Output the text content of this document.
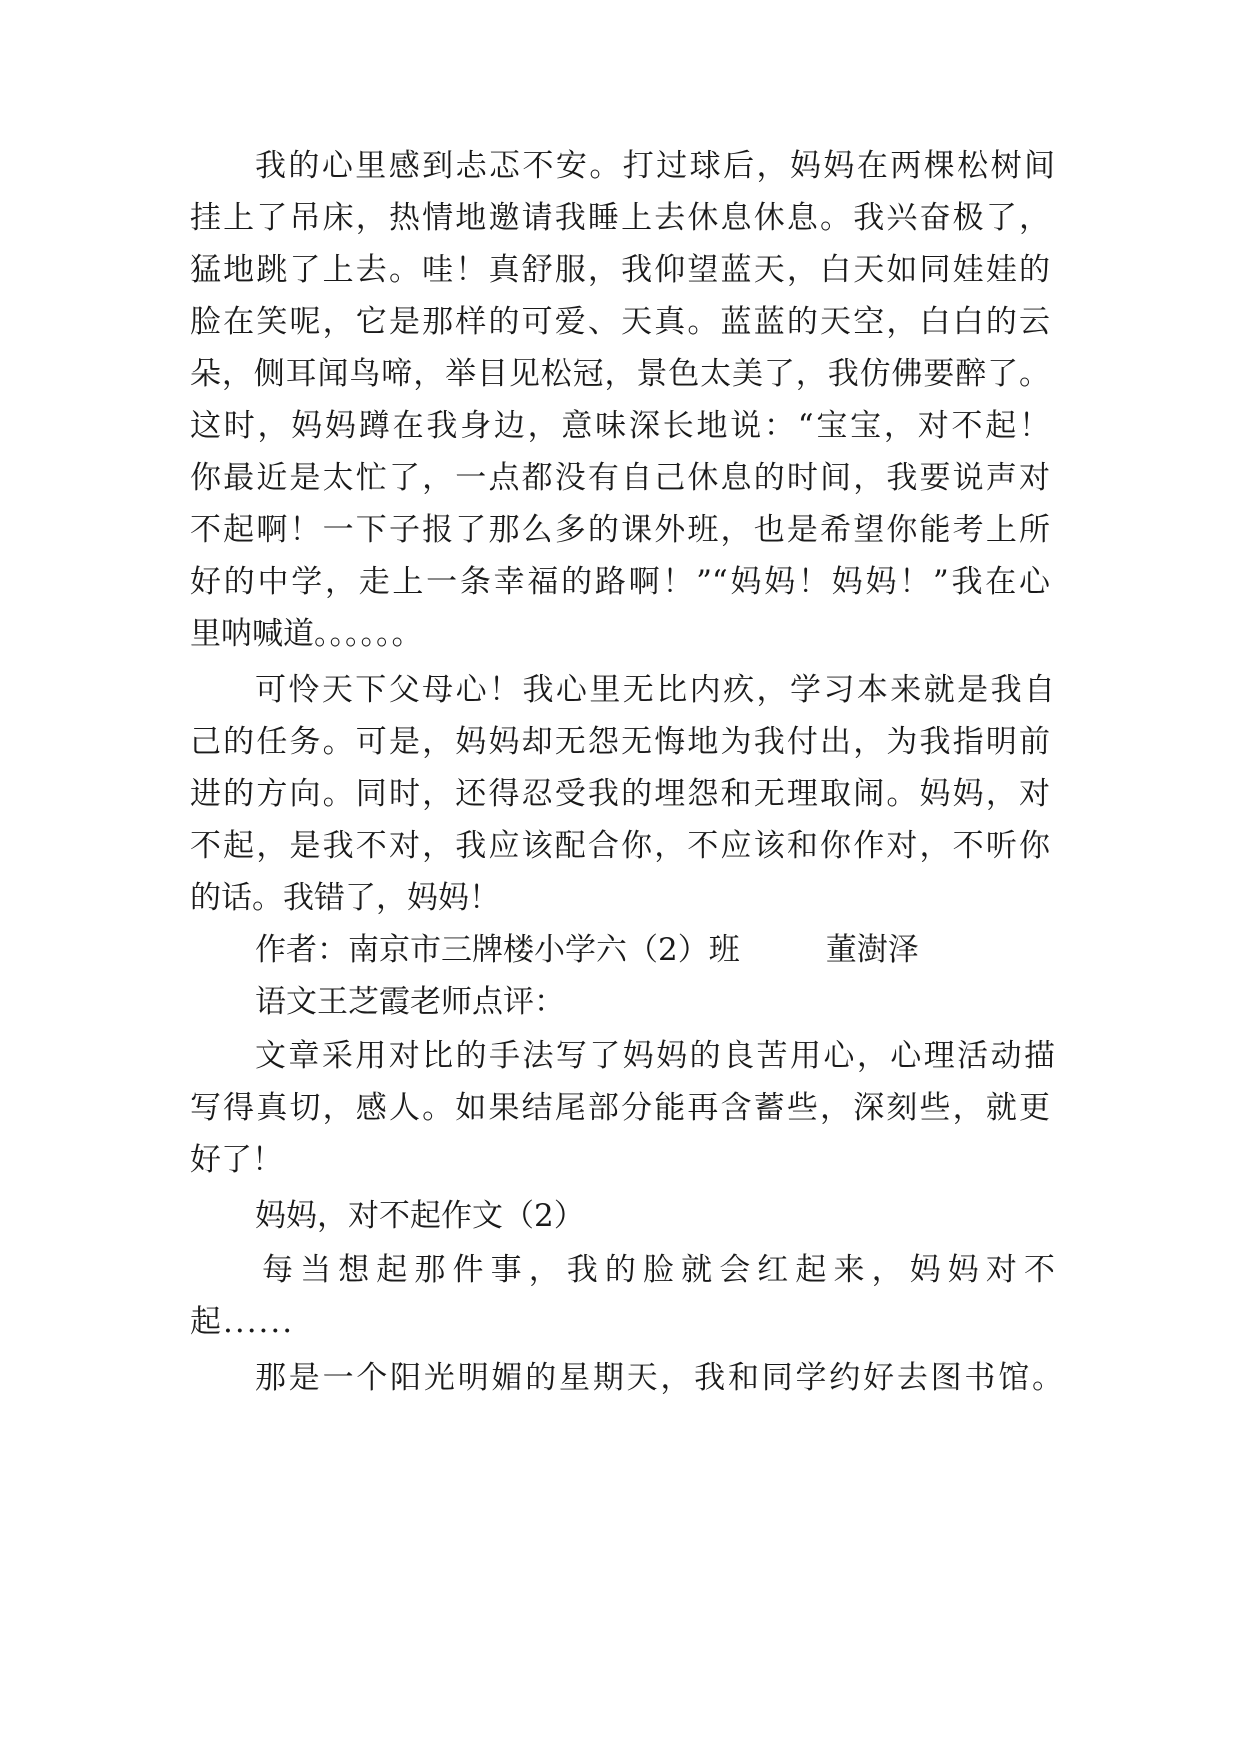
我的心里感到忐忑不安。打过球后，妈妈在两棵松树间
挂上了吊床，热情地邀请我睡上去休息休息。我兴奋极了，
猛地跳了上去。哇！真舒服，我仰望蓝天，白天如同娃娃的
脸在笑呢，它是那样的可爱、天真。蓝蓝的天空，白白的云
朵，侧耳闻鸟啼，举目见松冠，景色太美了，我仿佛要醉了。
这时，妈妈蹲在我身边，意味深长地说：“宝宝，对不起！
你最近是太忙了，一点都没有自己休息的时间，我要说声对
不起啊！一下子报了那么多的课外班，也是希望你能考上所
好的中学，走上一条幸福的路啊！”“妈妈！妈妈！”我在心
里呐喊道。。。。。。
可怜天下父母心！我心里无比内疚，学习本来就是我自
己的任务。可是，妈妈却无怨无悔地为我付出，为我指明前
进的方向。同时，还得忍受我的埋怨和无理取闹。妈妈，对
不起，是我不对，我应该配合你，不应该和你作对，不听你
的话。我错了，妈妈！
作者：南京市三牌楼小学六（2）班	董澍泽
语文王芝霞老师点评：
文章采用对比的手法写了妈妈的良苦用心，心理活动描
写得真切，感人。如果结尾部分能再含蓄些，深刻些，就更
好了！
妈妈，对不起作文（2）
每当想起那件事，我的脸就会红起来，妈妈对不
起......
那是一个阳光明媚的星期天，我和同学约好去图书馆。
